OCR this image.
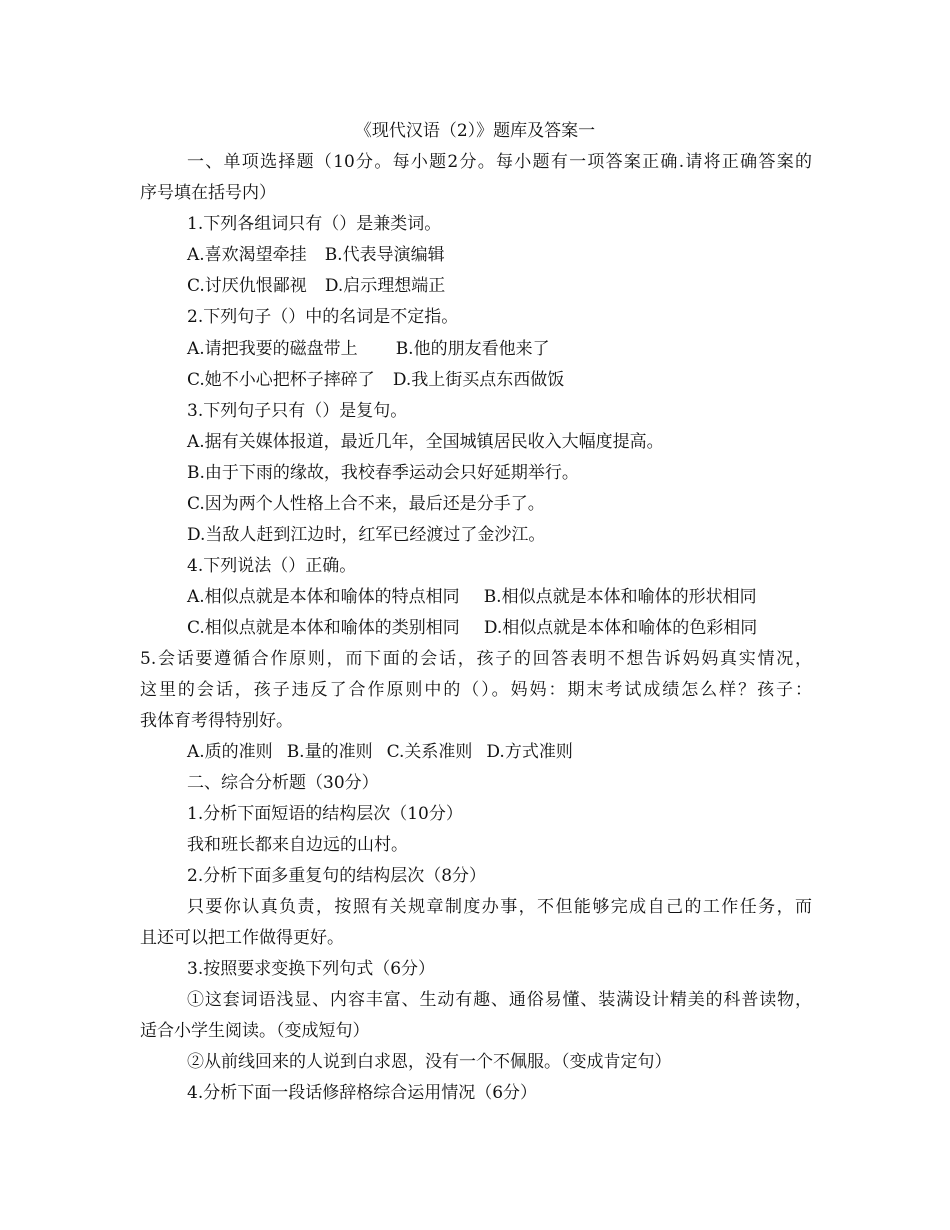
《现代汉语（2）》题库及答案一
一、单项选择题（10分。每小题2分。每小题有一项答案正确.请将正确答案的
序号填在括号内）
1.下列各组词只有（）是兼类词。
A.喜欢渴望牵挂 B.代表导演编辑
C.讨厌仇恨鄙视 D.启示理想端正
2.下列句子（）中的名词是不定指。
A.请把我要的磁盘带上 B.他的朋友看他来了
C.她不小心把杯子摔碎了 D.我上街买点东西做饭
3.下列句子只有（）是复句。
A.据有关媒体报道，最近几年，全国城镇居民收入大幅度提高。
B.由于下雨的缘故，我校春季运动会只好延期举行。
C.因为两个人性格上合不来，最后还是分手了。
D.当敌人赶到江边时，红军已经渡过了金沙江。
4.下列说法（）正确。
A.相似点就是本体和喻体的特点相同 B.相似点就是本体和喻体的形状相同
C.相似点就是本体和喻体的类别相同 D.相似点就是本体和喻体的色彩相同
5.会话要遵循合作原则，而下面的会话，孩子的回答表明不想告诉妈妈真实情况，
这里的会话，孩子违反了合作原则中的（）。妈妈：期末考试成绩怎么样？孩子：
我体育考得特别好。
A.质的准则 B.量的准则 C.关系准则 D.方式准则
二、综合分析题（30分）
1.分析下面短语的结构层次（10分）
我和班长都来自边远的山村。
2.分析下面多重复句的结构层次（8分）
只要你认真负责，按照有关规章制度办事，不但能够完成自己的工作任务，而
且还可以把工作做得更好。
3.按照要求变换下列句式（6分）
①这套词语浅显、内容丰富、生动有趣、通俗易懂、装满设计精美的科普读物，
适合小学生阅读。（变成短句）
②从前线回来的人说到白求恩，没有一个不佩服。（变成肯定句）
4.分析下面一段话修辞格综合运用情况（6分）
